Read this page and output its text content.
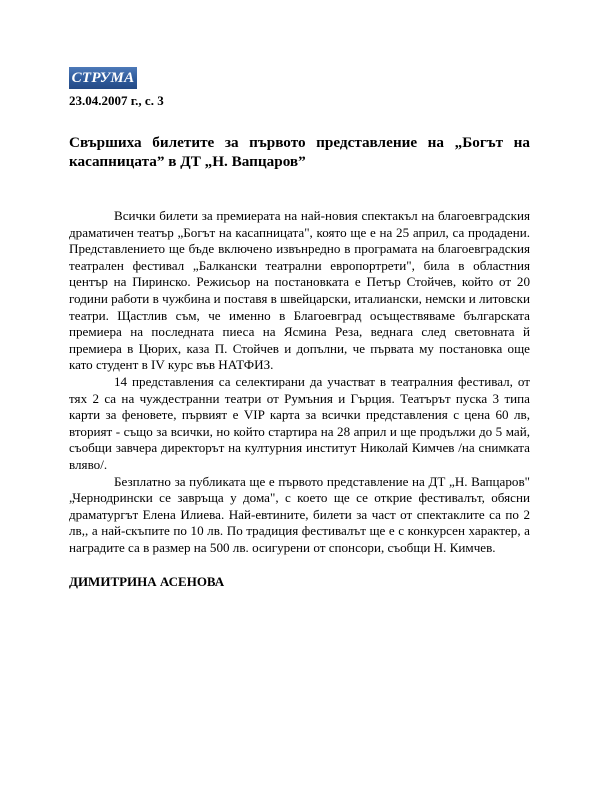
СТРУМА
23.04.2007 г., с. 3
Свършиха билетите за първото представление на „Богът на касапницата” в ДТ „Н. Вапцаров”

Всички билети за премиерата на най-новия спектакъл на благоевградския драматичен театър „Богът на касапницата", която ще е на 25 април, са продадени. Представлението ще бъде включено извънредно в програмата на благоевградския театрален фестивал „Балкански театрални европортрети", била в областния център на Пиринско. Режисьор на постановката е Петър Стойчев, който от 20 години работи в чужбина и поставя в швейцарски, италиански, немски и литовски театри. Щастлив съм, че именно в Благоевград осъществяваме българската премиера на последната пиеса на Ясмина Реза, веднага след световната й премиера в Цюрих, каза П. Стойчев и допълни, че първата му постановка още като студент в IV курс във НАТФИЗ.

14 представления са селектирани да участват в театралния фестивал, от тях 2 са на чуждестранни театри от Румъния и Гърция. Театърът пуска 3 типа карти за феновете, първият е VIP карта за всички представления с цена 60 лв, вторият - също за всички, но който стартира на 28 април и ще продължи до 5 май, съобщи завчера директорът на културния институт Николай Кимчев /на снимката вляво/.

Безплатно за публиката ще е първото представление на ДТ „Н. Вапцаров" „Чернодрински се завръща у дома", с което ще се открие фестивалът, обясни драматургът Елена Илиева. Най-евтините, билети за част от спектаклите са по 2 лв,, а най-скъпите по 10 лв. По традиция фестивалът ще е с конкурсен характер, а наградите са в размер на 500 лв. осигурени от спонсори, съобщи Н. Кимчев.

ДИМИТРИНА АСЕНОВА
